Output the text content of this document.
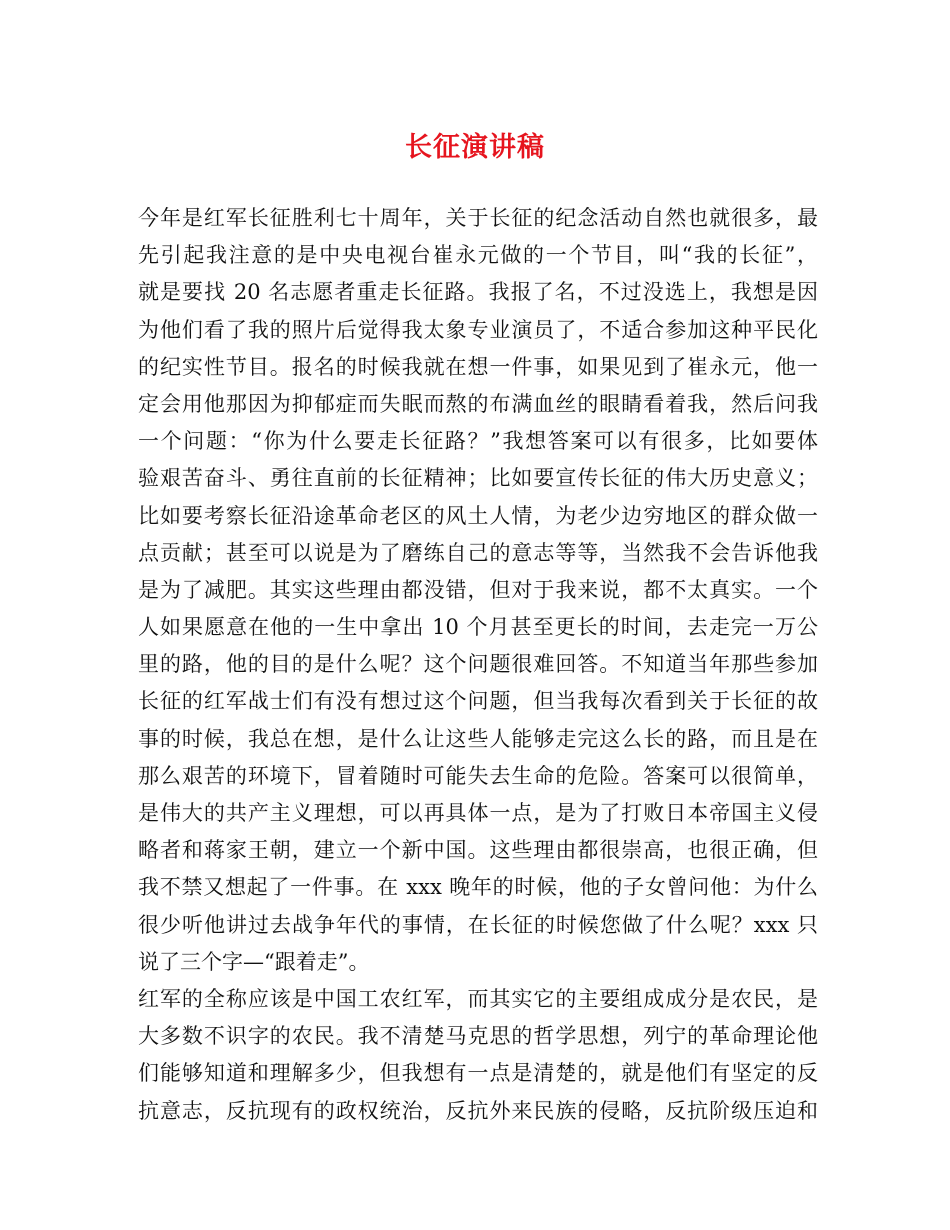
长征演讲稿
今年是红军长征胜利七十周年，关于长征的纪念活动自然也就很多，最
先引起我注意的是中央电视台崔永元做的一个节目，叫“我的长征”，
就是要找 20 名志愿者重走长征路。我报了名，不过没选上，我想是因
为他们看了我的照片后觉得我太象专业演员了，不适合参加这种平民化
的纪实性节目。报名的时候我就在想一件事，如果见到了崔永元，他一
定会用他那因为抑郁症而失眠而熬的布满血丝的眼睛看着我，然后问我
一个问题：“你为什么要走长征路？”我想答案可以有很多，比如要体
验艰苦奋斗、勇往直前的长征精神；比如要宣传长征的伟大历史意义；
比如要考察长征沿途革命老区的风土人情，为老少边穷地区的群众做一
点贡献；甚至可以说是为了磨练自己的意志等等，当然我不会告诉他我
是为了减肥。其实这些理由都没错，但对于我来说，都不太真实。一个
人如果愿意在他的一生中拿出 10 个月甚至更长的时间，去走完一万公
里的路，他的目的是什么呢？这个问题很难回答。不知道当年那些参加
长征的红军战士们有没有想过这个问题，但当我每次看到关于长征的故
事的时候，我总在想，是什么让这些人能够走完这么长的路，而且是在
那么艰苦的环境下，冒着随时可能失去生命的危险。答案可以很简单，
是伟大的共产主义理想，可以再具体一点，是为了打败日本帝国主义侵
略者和蒋家王朝，建立一个新中国。这些理由都很崇高，也很正确，但
我不禁又想起了一件事。在 xxx 晚年的时候，他的子女曾问他：为什么
很少听他讲过去战争年代的事情，在长征的时候您做了什么呢？xxx 只
说了三个字—“跟着走”。
红军的全称应该是中国工农红军，而其实它的主要组成成分是农民，是
大多数不识字的农民。我不清楚马克思的哲学思想，列宁的革命理论他
们能够知道和理解多少，但我想有一点是清楚的，就是他们有坚定的反
抗意志，反抗现有的政权统治，反抗外来民族的侵略，反抗阶级压迫和
